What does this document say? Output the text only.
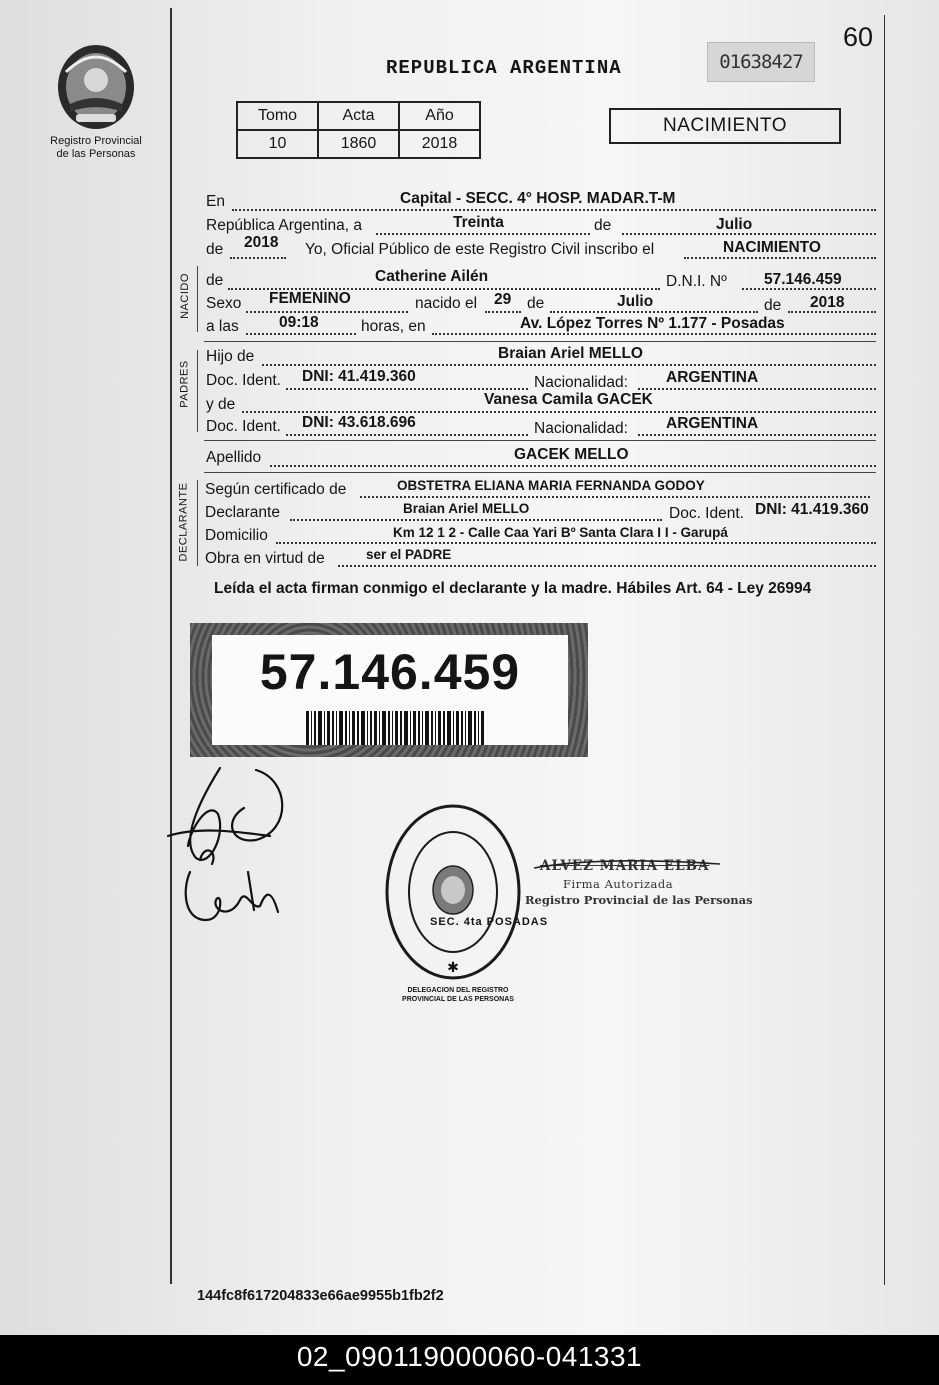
60
Registro Provincial
de las Personas
REPUBLICA ARGENTINA	01638427
Tomo	Acta	Año
10	1860	2018
NACIMIENTO
En	Capital - SECC. 4° HOSP. MADAR.T-M
República Argentina, a	Treinta	de	Julio
de 2018 Yo, Oficial Público de este Registro Civil inscribo el	NACIMIENTO
NACIDO de	Catherine Ailén	D.N.I. Nº 57.146.459
Sexo FEMENINO	nacido el 29 de	Julio	de 2018
a las	09:18	horas, en	Av. López Torres Nº 1.177 - Posadas
PADRES
Hijo de	Braian Ariel MELLO
Doc. Ident. DNI: 41.419.360	Nacionalidad: ARGENTINA
y de	Vanesa Camila GACEK
Doc. Ident. DNI: 43.618.696	Nacionalidad: ARGENTINA
Apellido	GACEK MELLO
DECLARANTE Según certificado de	OBSTETRA ELIANA MARIA FERNANDA GODOY
Declarante	Braian Ariel MELLO	Doc. Ident. DNI: 41.419.360
Domicilio	Km 12 1 2 - Calle Caa Yari Bº Santa Clara I I - Garupá
Obra en virtud de	ser el PADRE
Leída el acta firman conmigo el declarante y la madre. Hábiles Art. 64 - Ley 26994
57.146.459
✱
SEC. 4ta POSADAS
DELEGACION DEL REGISTRO PROVINCIAL DE LAS PERSONAS
ALVEZ MARIA ELBA
Firma Autorizada
Registro Provincial de las Personas
144fc8f617204833e66ae9955b1fb2f2
02_090119000060-041331
